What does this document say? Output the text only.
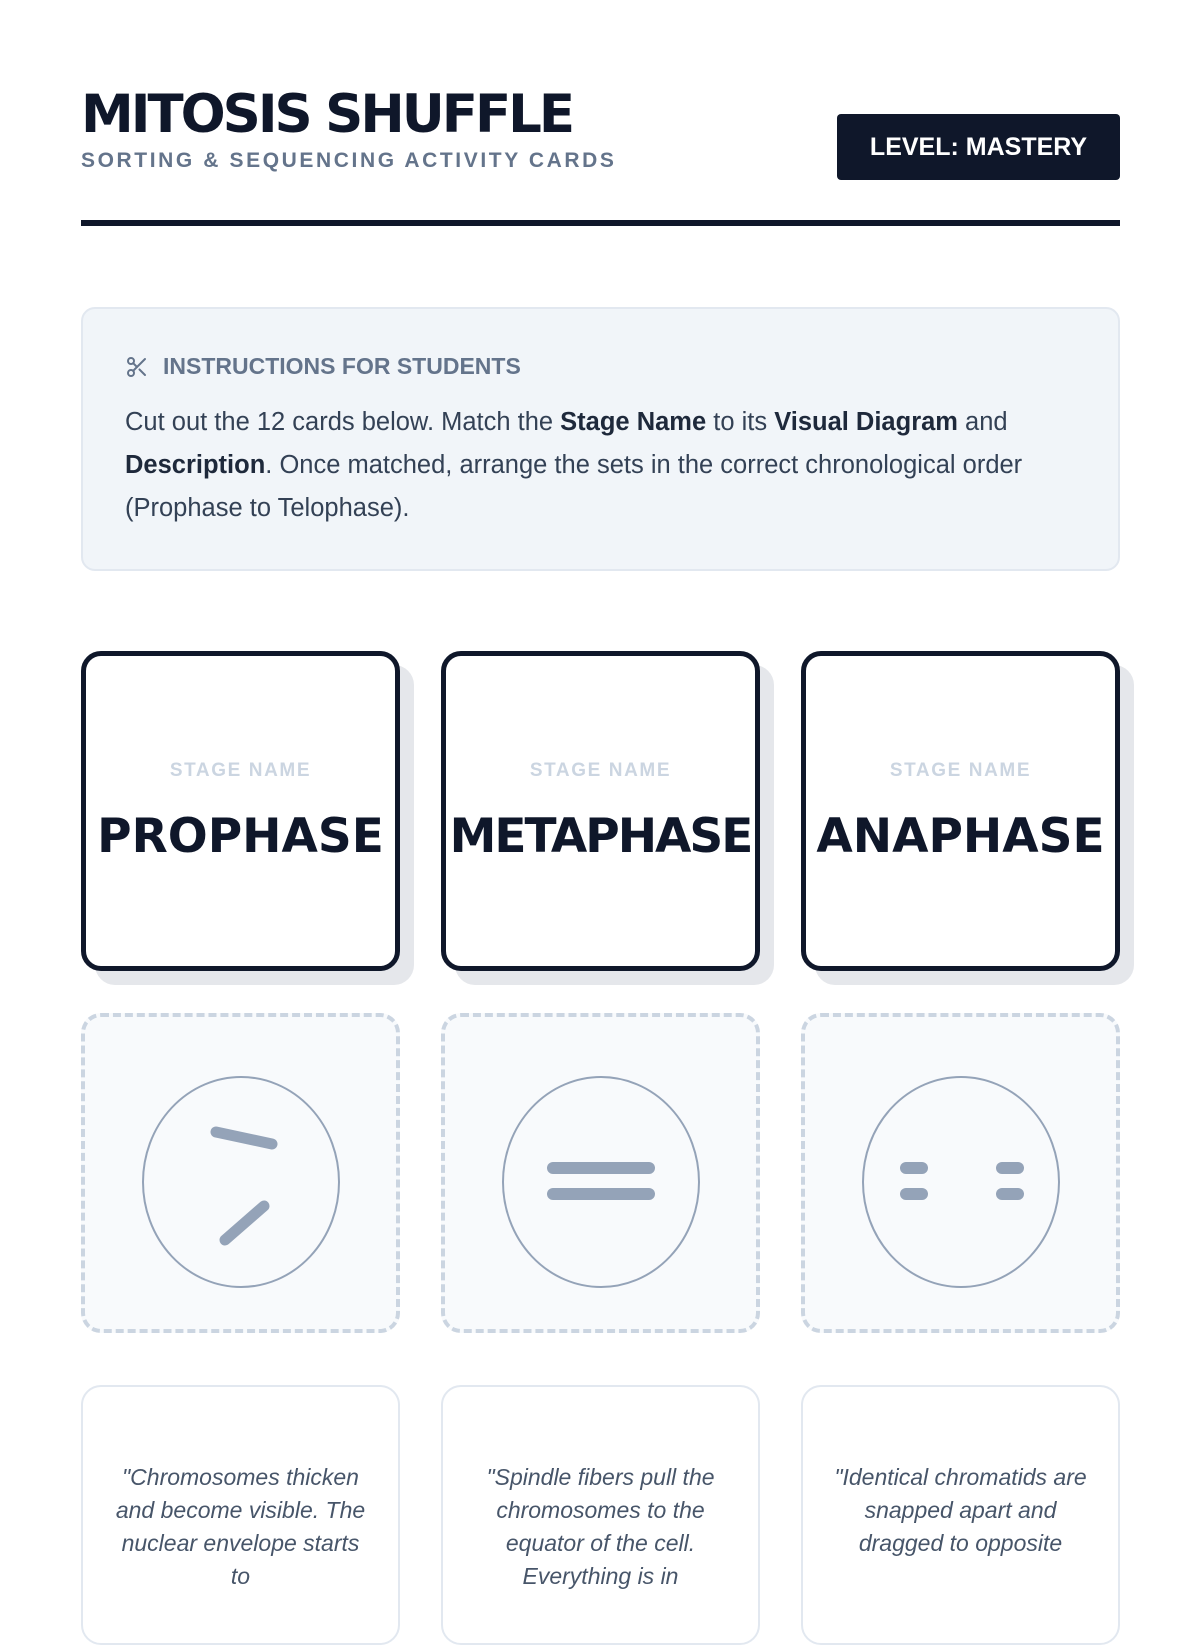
MITOSIS SHUFFLE
SORTING & SEQUENCING ACTIVITY CARDS	LEVEL: MASTERY
INSTRUCTIONS FOR STUDENTS
Cut out the 12 cards below. Match the Stage Name to its Visual Diagram and Description. Once matched, arrange the sets in the correct chronological order (Prophase to Telophase).
STAGE NAME
PROPHASE
STAGE NAME
METAPHASE
STAGE NAME
ANAPHASE
"Chromosomes thicken and become visible. The nuclear envelope starts to
"Spindle fibers pull the chromosomes to the equator of the cell. Everything is in
"Identical chromatids are snapped apart and dragged to opposite
